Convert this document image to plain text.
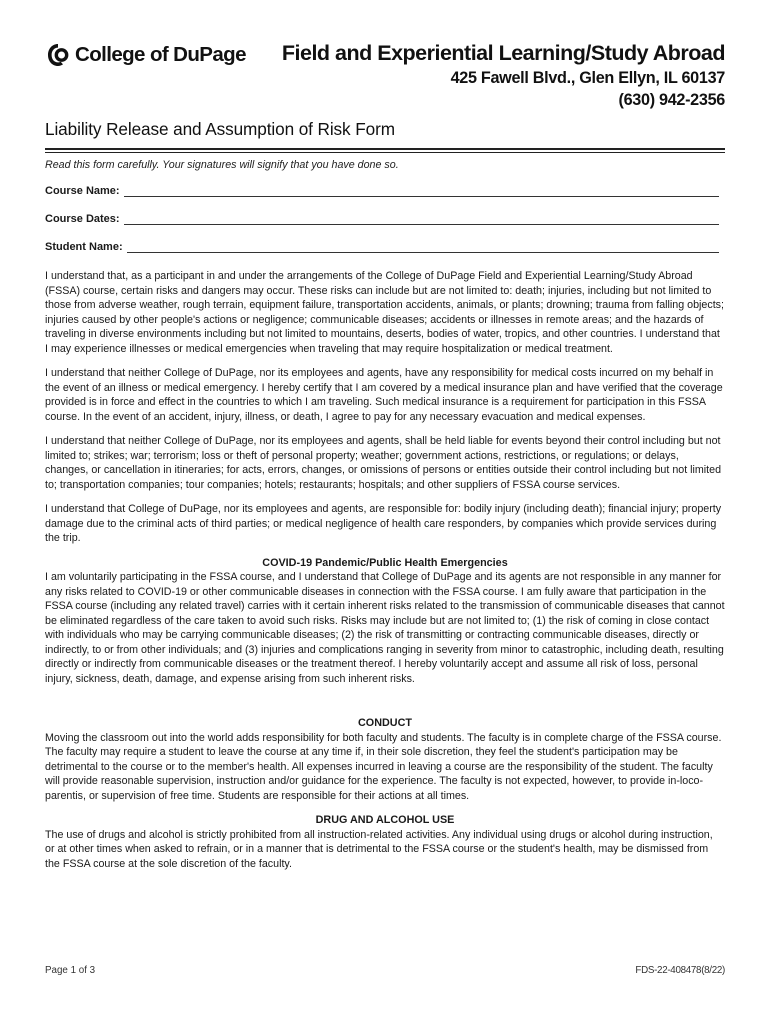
College of DuPage Field and Experiential Learning/Study Abroad
425 Fawell Blvd., Glen Ellyn, IL 60137
(630) 942-2356
Liability Release and Assumption of Risk Form
Read this form carefully. Your signatures will signify that you have done so.
Course Name:
Course Dates:
Student Name:

I understand that, as a participant in and under the arrangements of the College of DuPage Field and Experiential Learning/Study Abroad (FSSA) course, certain risks and dangers may occur. These risks can include but are not limited to: death; injuries, including but not limited to those from adverse weather, rough terrain, equipment failure, transportation accidents, animals, or plants; drowning; trauma from falling objects; injuries caused by other people's actions or negligence; communicable diseases; accidents or illnesses in remote areas; and the hazards of traveling in diverse environments including but not limited to mountains, deserts, bodies of water, tropics, and other countries. I understand that I may experience illnesses or medical emergencies when traveling that may require hospitalization or medical treatment.

I understand that neither College of DuPage, nor its employees and agents, have any responsibility for medical costs incurred on my behalf in the event of an illness or medical emergency. I hereby certify that I am covered by a medical insurance plan and have verified that the coverage provided is in force and effect in the countries to which I am traveling. Such medical insurance is a requirement for participation in this FSSA course. In the event of an accident, injury, illness, or death, I agree to pay for any necessary evacuation and medical expenses.

I understand that neither College of DuPage, nor its employees and agents, shall be held liable for events beyond their control including but not limited to; strikes; war; terrorism; loss or theft of personal property; weather; government actions, restrictions, or regulations; or delays, changes, or cancellation in itineraries; for acts, errors, changes, or omissions of persons or entities outside their control including but not limited to; transportation companies; tour companies; hotels; restaurants; hospitals; and other suppliers of FSSA course services.

I understand that College of DuPage, nor its employees and agents, are responsible for: bodily injury (including death); financial injury; property damage due to the criminal acts of third parties; or medical negligence of health care responders, by companies which provide services during the trip.

COVID-19 Pandemic/Public Health Emergencies

I am voluntarily participating in the FSSA course, and I understand that College of DuPage and its agents are not responsible in any manner for any risks related to COVID-19 or other communicable diseases in connection with the FSSA course. I am fully aware that participation in the FSSA course (including any related travel) carries with it certain inherent risks related to the transmission of communicable diseases that cannot be eliminated regardless of the care taken to avoid such risks. Risks may include but are not limited to; (1) the risk of coming in close contact with individuals who may be carrying communicable diseases; (2) the risk of transmitting or contracting communicable diseases, directly or indirectly, to or from other individuals; and (3) injuries and complications ranging in severity from minor to catastrophic, including death, resulting directly or indirectly from communicable diseases or the treatment thereof. I hereby voluntarily accept and assume all risk of loss, personal injury, sickness, death, damage, and expense arising from such inherent risks.

CONDUCT

Moving the classroom out into the world adds responsibility for both faculty and students. The faculty is in complete charge of the FSSA course. The faculty may require a student to leave the course at any time if, in their sole discretion, they feel the student's participation may be detrimental to the course or to the member's health. All expenses incurred in leaving a course are the responsibility of the student. The faculty will provide reasonable supervision, instruction and/or guidance for the experience. The faculty is not expected, however, to provide in-loco-parentis, or supervision of free time. Students are responsible for their actions at all times.

DRUG AND ALCOHOL USE

The use of drugs and alcohol is strictly prohibited from all instruction-related activities. Any individual using drugs or alcohol during instruction, or at other times when asked to refrain, or in a manner that is detrimental to the FSSA course or the student's health, may be dismissed from the FSSA course at the sole discretion of the faculty.

Page 1 of 3	FDS-22-408478(8/22)
